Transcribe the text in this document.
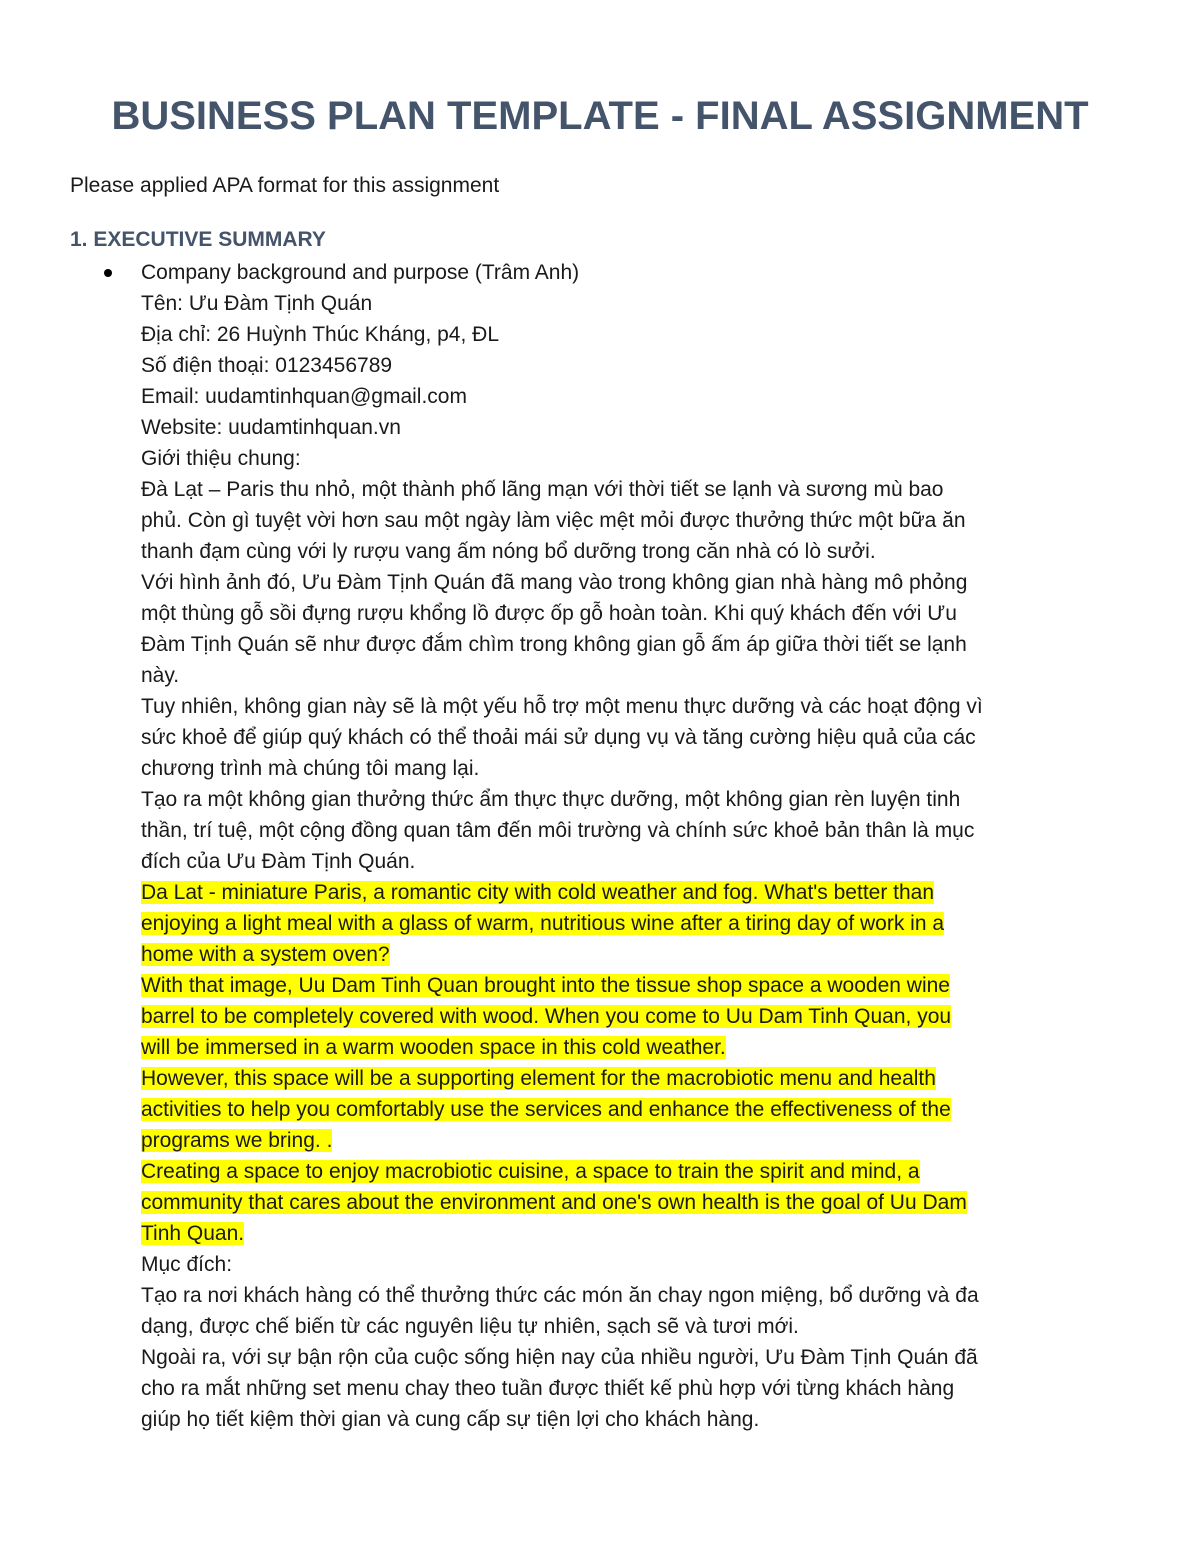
BUSINESS PLAN TEMPLATE - FINAL ASSIGNMENT

Please applied APA format for this assignment

1. EXECUTIVE SUMMARY
Company background and purpose (Trâm Anh)
Tên: Ưu Đàm Tịnh Quán
Địa chỉ: 26 Huỳnh Thúc Kháng, p4, ĐL
Số điện thoại: 0123456789
Email: uudamtinhquan@gmail.com
Website: uudamtinhquan.vn
Giới thiệu chung:
Đà Lạt – Paris thu nhỏ, một thành phố lãng mạn với thời tiết se lạnh và sương mù bao
phủ. Còn gì tuyệt vời hơn sau một ngày làm việc mệt mỏi được thưởng thức một bữa ăn
thanh đạm cùng với ly rượu vang ấm nóng bổ dưỡng trong căn nhà có lò sưởi.
Với hình ảnh đó, Ưu Đàm Tịnh Quán đã mang vào trong không gian nhà hàng mô phỏng
một thùng gỗ sồi đựng rượu khổng lồ được ốp gỗ hoàn toàn. Khi quý khách đến với Ưu
Đàm Tịnh Quán sẽ như được đắm chìm trong không gian gỗ ấm áp giữa thời tiết se lạnh
này.
Tuy nhiên, không gian này sẽ là một yếu hỗ trợ một menu thực dưỡng và các hoạt động vì
sức khoẻ để giúp quý khách có thể thoải mái sử dụng vụ và tăng cường hiệu quả của các
chương trình mà chúng tôi mang lại.
Tạo ra một không gian thưởng thức ẩm thực thực dưỡng, một không gian rèn luyện tinh
thần, trí tuệ, một cộng đồng quan tâm đến môi trường và chính sức khoẻ bản thân là mục
đích của Ưu Đàm Tịnh Quán.
Da Lat - miniature Paris, a romantic city with cold weather and fog. What's better than
enjoying a light meal with a glass of warm, nutritious wine after a tiring day of work in a
home with a system oven?
With that image, Uu Dam Tinh Quan brought into the tissue shop space a wooden wine
barrel to be completely covered with wood. When you come to Uu Dam Tinh Quan, you
will be immersed in a warm wooden space in this cold weather.
However, this space will be a supporting element for the macrobiotic menu and health
activities to help you comfortably use the services and enhance the effectiveness of the
programs we bring. .
Creating a space to enjoy macrobiotic cuisine, a space to train the spirit and mind, a
community that cares about the environment and one's own health is the goal of Uu Dam
Tinh Quan.
Mục đích:
Tạo ra nơi khách hàng có thể thưởng thức các món ăn chay ngon miệng, bổ dưỡng và đa
dạng, được chế biến từ các nguyên liệu tự nhiên, sạch sẽ và tươi mới.
Ngoài ra, với sự bận rộn của cuộc sống hiện nay của nhiều người, Ưu Đàm Tịnh Quán đã
cho ra mắt những set menu chay theo tuần được thiết kế phù hợp với từng khách hàng
giúp họ tiết kiệm thời gian và cung cấp sự tiện lợi cho khách hàng.
